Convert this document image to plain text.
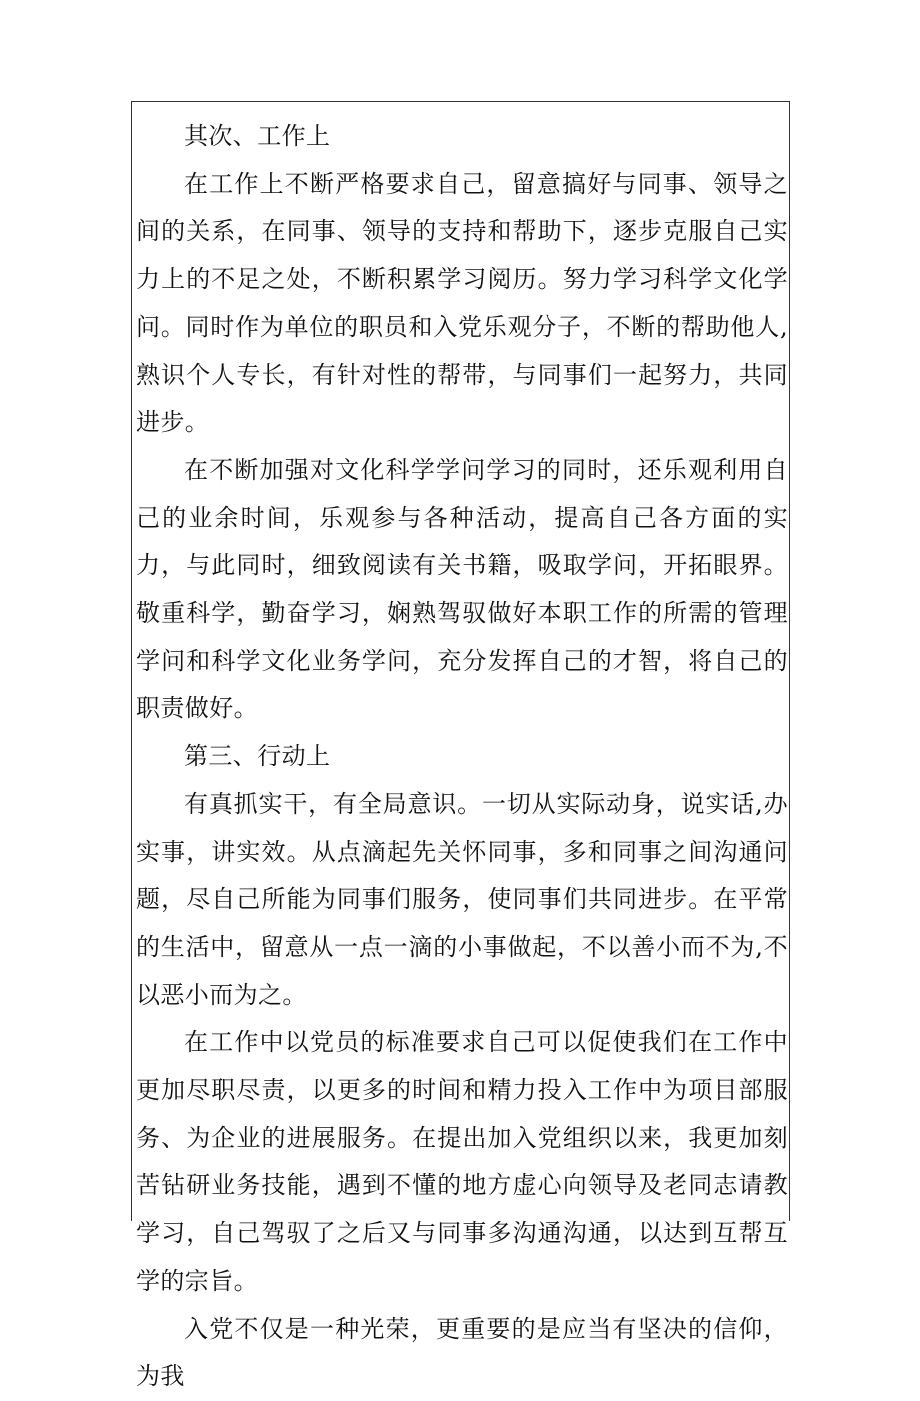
其次、工作上

在工作上不断严格要求自己，留意搞好与同事、领导之间的关系，在同事、领导的支持和帮助下，逐步克服自己实力上的不足之处，不断积累学习阅历。努力学习科学文化学问。同时作为单位的职员和入党乐观分子，不断的帮助他人,熟识个人专长，有针对性的帮带，与同事们一起努力，共同进步。

在不断加强对文化科学学问学习的同时，还乐观利用自己的业余时间，乐观参与各种活动，提高自己各方面的实力，与此同时，细致阅读有关书籍，吸取学问，开拓眼界。敬重科学，勤奋学习，娴熟驾驭做好本职工作的所需的管理学问和科学文化业务学问，充分发挥自己的才智，将自己的职责做好。

第三、行动上

有真抓实干，有全局意识。一切从实际动身，说实话,办实事，讲实效。从点滴起先关怀同事，多和同事之间沟通问题，尽自己所能为同事们服务，使同事们共同进步。在平常的生活中，留意从一点一滴的小事做起，不以善小而不为,不以恶小而为之。

在工作中以党员的标准要求自己可以促使我们在工作中更加尽职尽责，以更多的时间和精力投入工作中为项目部服务、为企业的进展服务。在提出加入党组织以来，我更加刻苦钻研业务技能，遇到不懂的地方虚心向领导及老同志请教学习，自己驾驭了之后又与同事多沟通沟通，以达到互帮互学的宗旨。

入党不仅是一种光荣，更重要的是应当有坚决的信仰，为我
